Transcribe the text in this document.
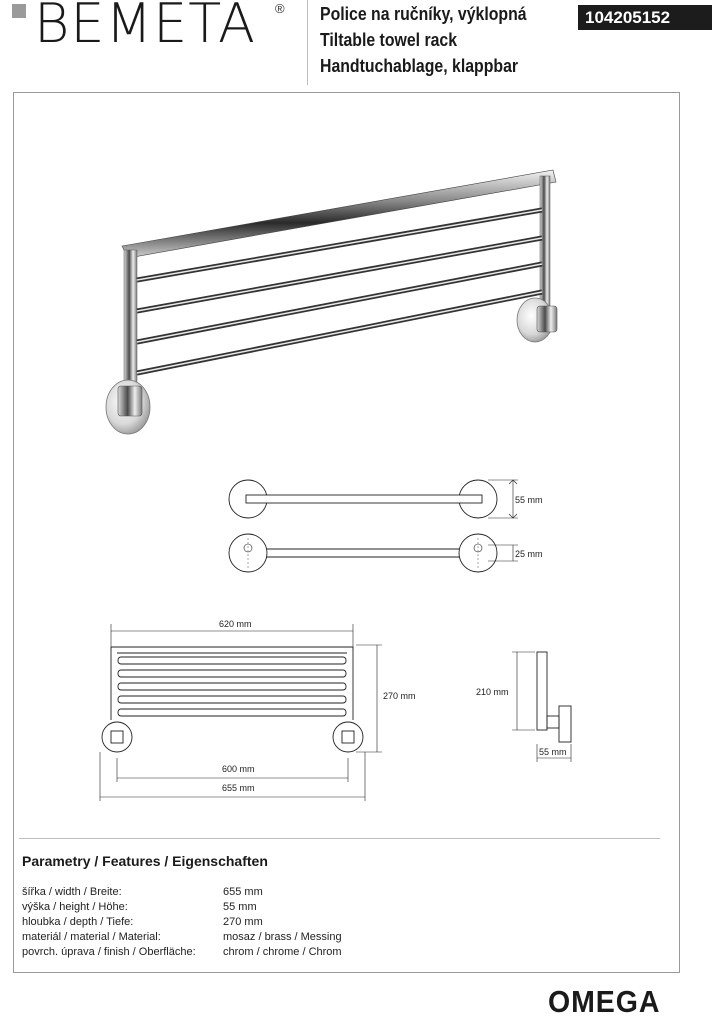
BEMETA ® Police na ručníky, výklopná
Tiltable towel rack
Handtuchablage, klappbar
104205152
55 mm
25 mm
620 mm
270 mm
600 mm
655 mm
210 mm
55 mm
Parametry / Features / Eigenschaften
šířka / width / Breite:	655 mm
výška / height / Höhe:	55 mm
hloubka / depth / Tiefe:	270 mm
materiál / material / Material:	mosaz / brass / Messing
povrch. úprava / finish / Oberfläche:	chrom / chrome / Chrom
OMEGA
